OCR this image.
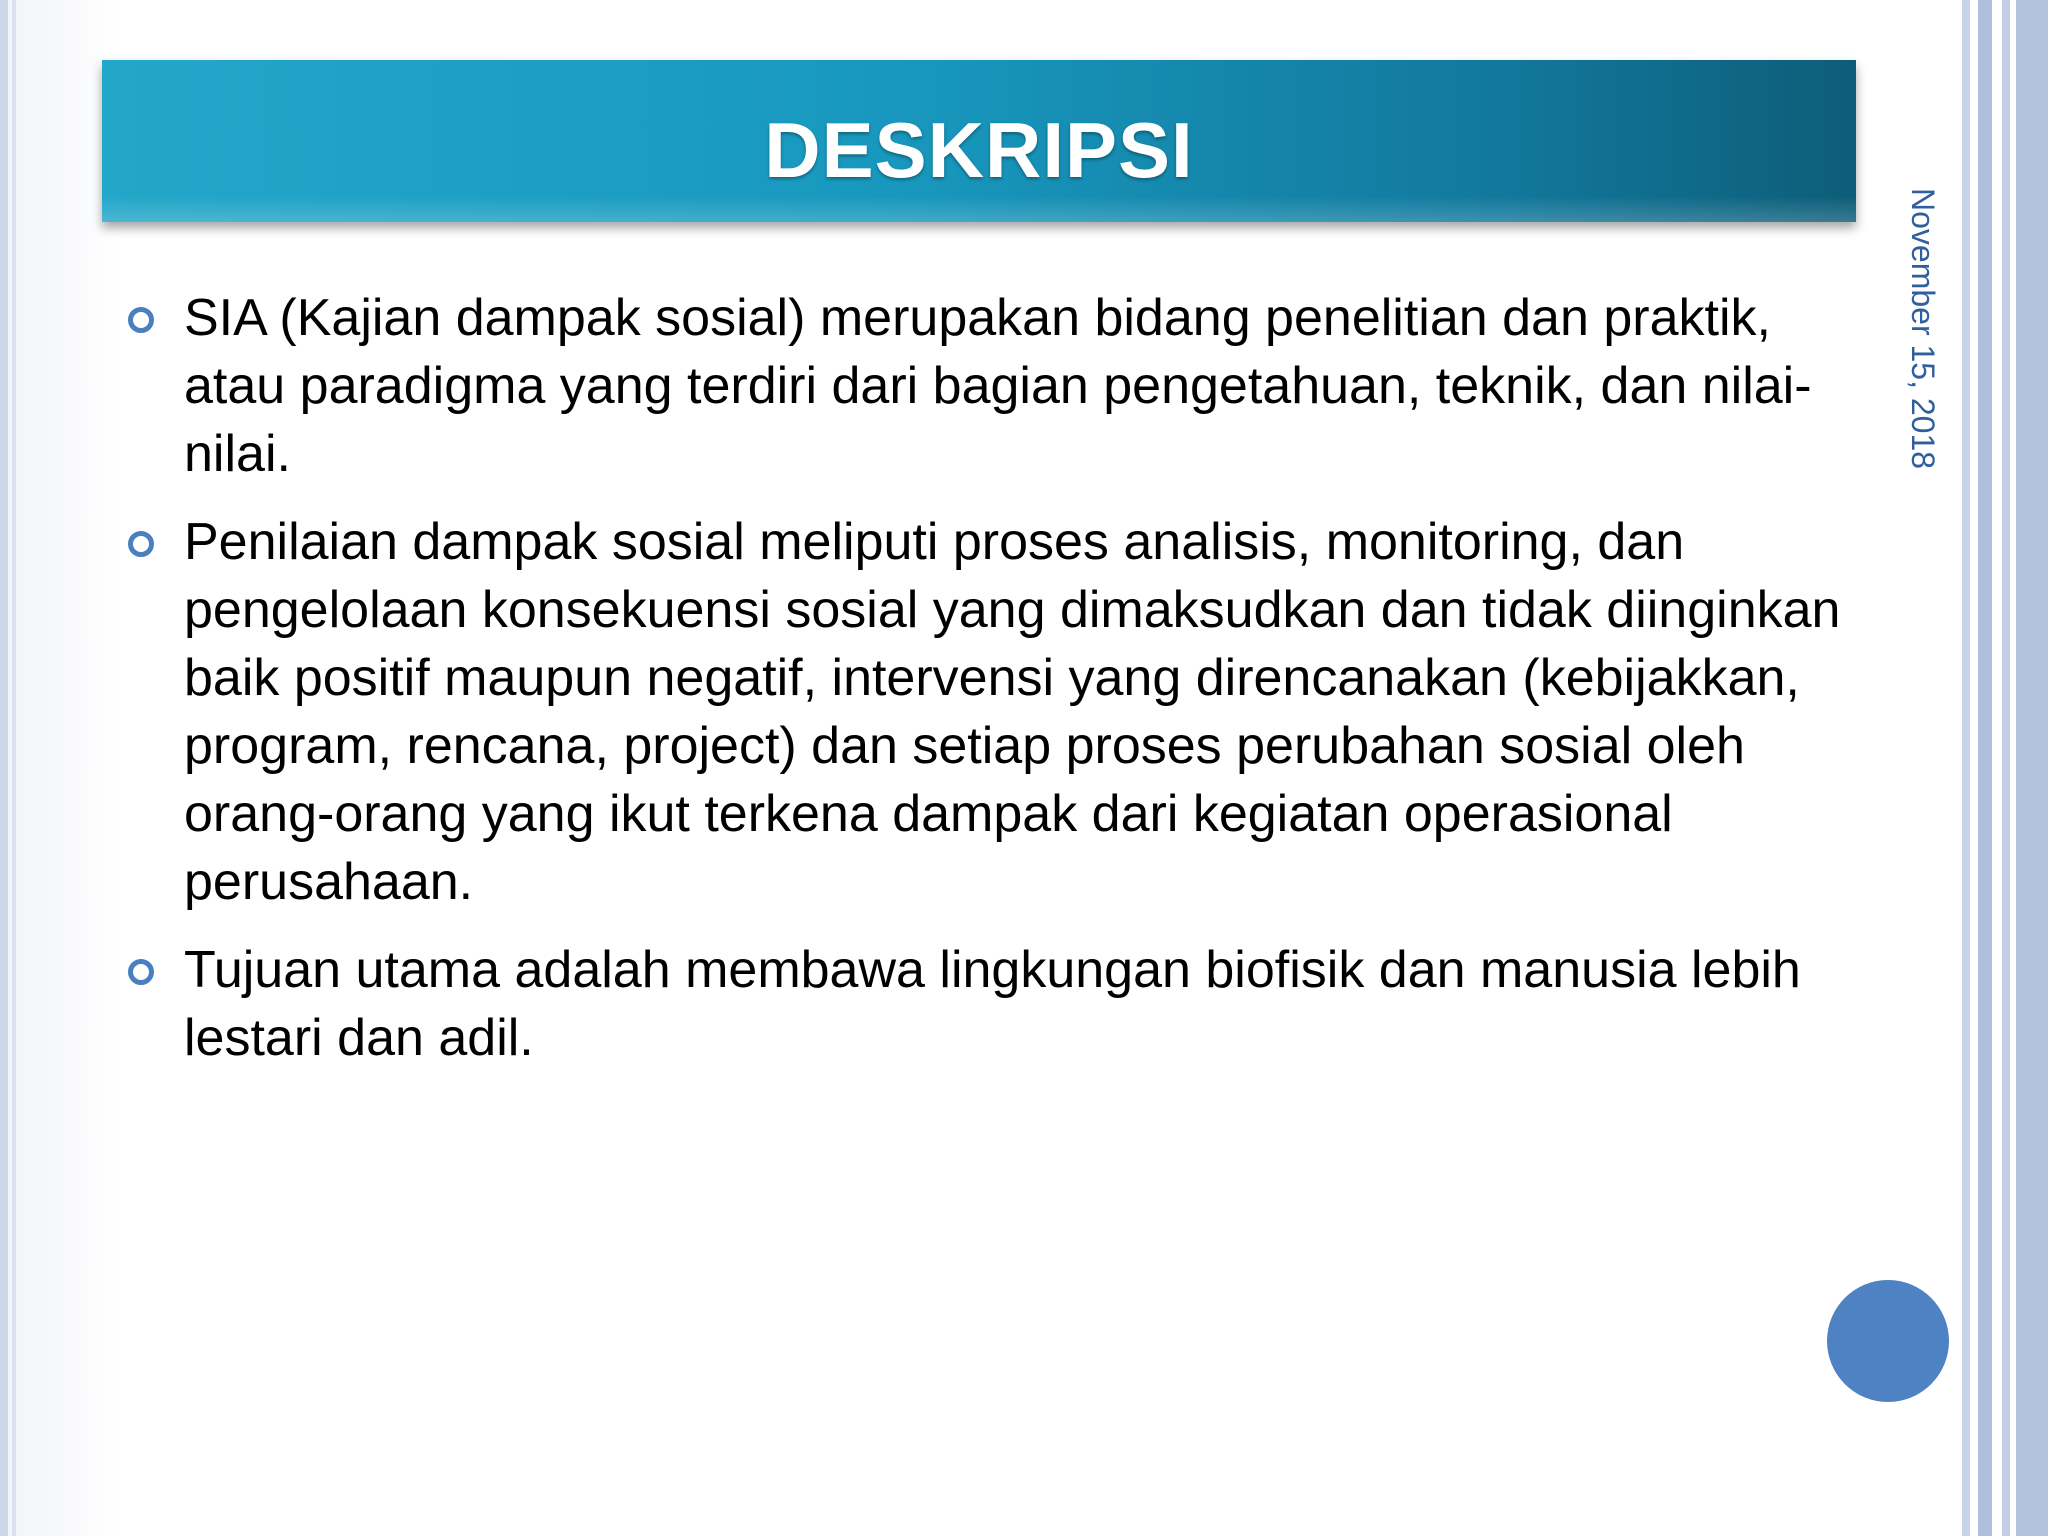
DESKRIPSI
November 15, 2018
SIA (Kajian dampak sosial) merupakan bidang penelitian dan praktik, atau paradigma yang terdiri dari bagian pengetahuan, teknik, dan nilai-nilai.
Penilaian dampak sosial meliputi proses analisis, monitoring, dan pengelolaan konsekuensi sosial yang dimaksudkan dan tidak diinginkan baik positif maupun negatif, intervensi yang direncanakan (kebijakkan, program, rencana, project) dan setiap proses perubahan sosial oleh orang-orang yang ikut terkena dampak dari kegiatan operasional perusahaan.
Tujuan utama adalah membawa lingkungan biofisik dan manusia lebih lestari dan adil.
